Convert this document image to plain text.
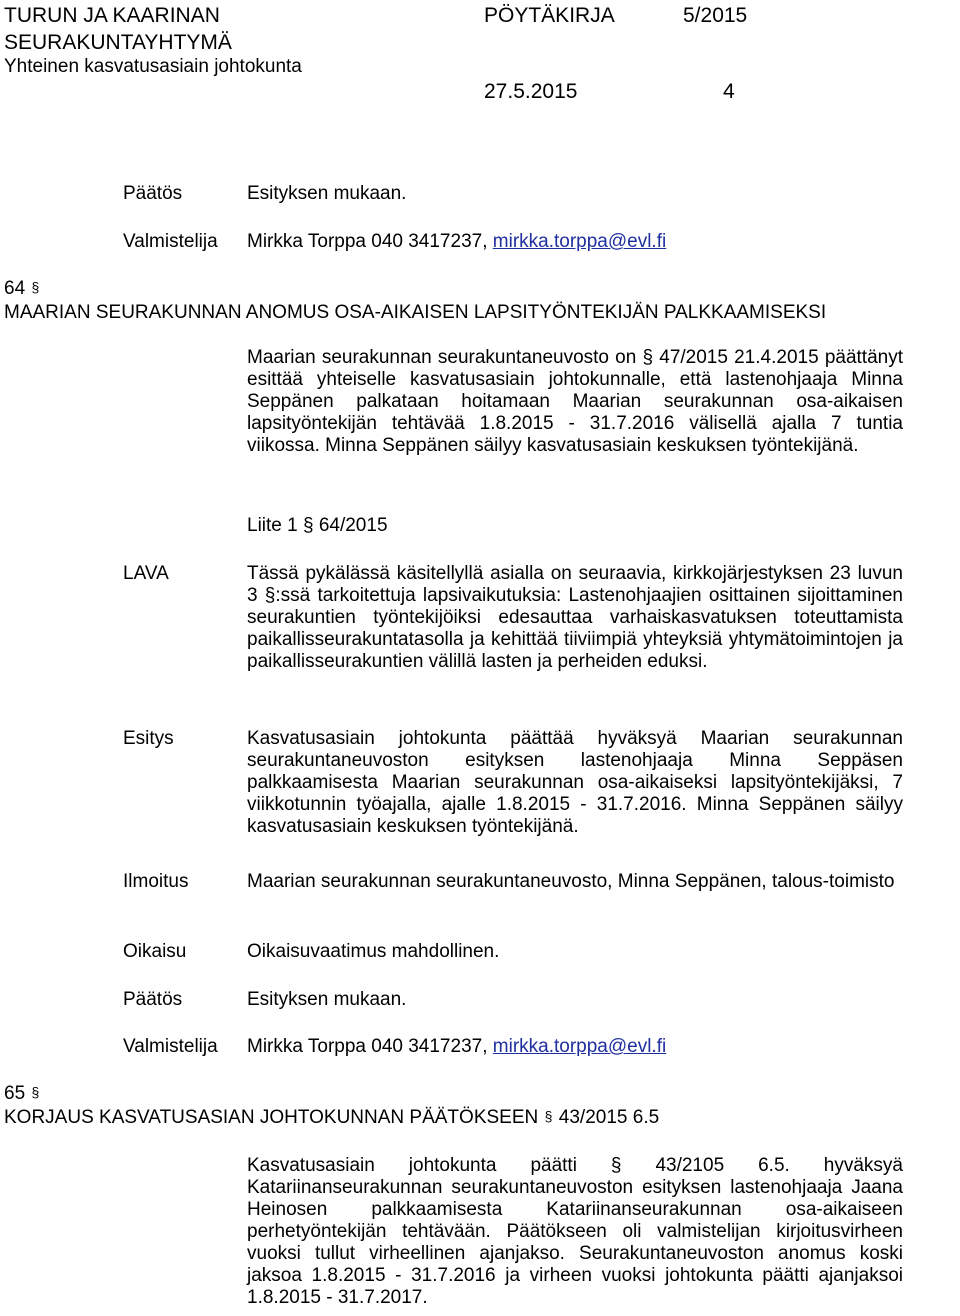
TURUN JA KAARINAN
SEURAKUNTAYHTYMÄ
Yhteinen kasvatusasiain johtokunta
PÖYTÄKIRJA	5/2015
27.5.2015	4
Päätös	Esityksen mukaan.
Valmistelija Mirkka Torppa 040 3417237, mirkka.torppa@evl.fi
64 §
MAARIAN SEURAKUNNAN ANOMUS OSA-AIKAISEN LAPSITYÖNTEKIJÄN PALKKAAMISEKSI
Maarian seurakunnan seurakuntaneuvosto on § 47/2015 21.4.2015 päättänyt esittää yhteiselle kasvatusasiain johtokunnalle, että lastenohjaaja Minna Seppänen palkataan hoitamaan Maarian seurakunnan osa-aikaisen lapsityöntekijän tehtävää 1.8.2015 - 31.7.2016 välisellä ajalla 7 tuntia viikossa. Minna Seppänen säilyy kasvatusasiain keskuksen työntekijänä.
Liite 1 § 64/2015
LAVA	Tässä pykälässä käsitellyllä asialla on seuraavia, kirkkojärjestyksen 23 luvun 3 §:ssä tarkoitettuja lapsivaikutuksia: Lastenohjaajien osittainen sijoittaminen seurakuntien työntekijöiksi edesauttaa varhaiskasvatuksen toteuttamista paikallisseurakuntatasolla ja kehittää tiiviimpiä yhteyksiä yhtymätoimintojen ja paikallisseurakuntien välillä lasten ja perheiden eduksi.
Esitys	Kasvatusasiain johtokunta päättää hyväksyä Maarian seurakunnan seurakuntaneuvoston esityksen lastenohjaaja Minna Seppäsen palkkaamisesta Maarian seurakunnan osa-aikaiseksi lapsityöntekijäksi, 7 viikkotunnin työajalla, ajalle 1.8.2015 - 31.7.2016. Minna Seppänen säilyy kasvatusasiain keskuksen työntekijänä.
Ilmoitus	Maarian seurakunnan seurakuntaneuvosto, Minna Seppänen, talous-toimisto
Oikaisu	Oikaisuvaatimus mahdollinen.
Päätös	Esityksen mukaan.
Valmistelija Mirkka Torppa 040 3417237, mirkka.torppa@evl.fi
65 §
KORJAUS KASVATUSASIAN JOHTOKUNNAN PÄÄTÖKSEEN § 43/2015 6.5
Kasvatusasiain johtokunta päätti § 43/2105 6.5. hyväksyä Katariinanseurakunnan seurakuntaneuvoston esityksen lastenohjaaja Jaana Heinosen palkkaamisesta Katariinanseurakunnan osa-aikaiseen perhetyöntekijän tehtävään. Päätökseen oli valmistelijan kirjoitusvirheen vuoksi tullut virheellinen ajanjakso. Seurakuntaneuvoston anomus koski jaksoa 1.8.2015 - 31.7.2016 ja virheen vuoksi johtokunta päätti ajanjaksoi 1.8.2015 - 31.7.2017.
